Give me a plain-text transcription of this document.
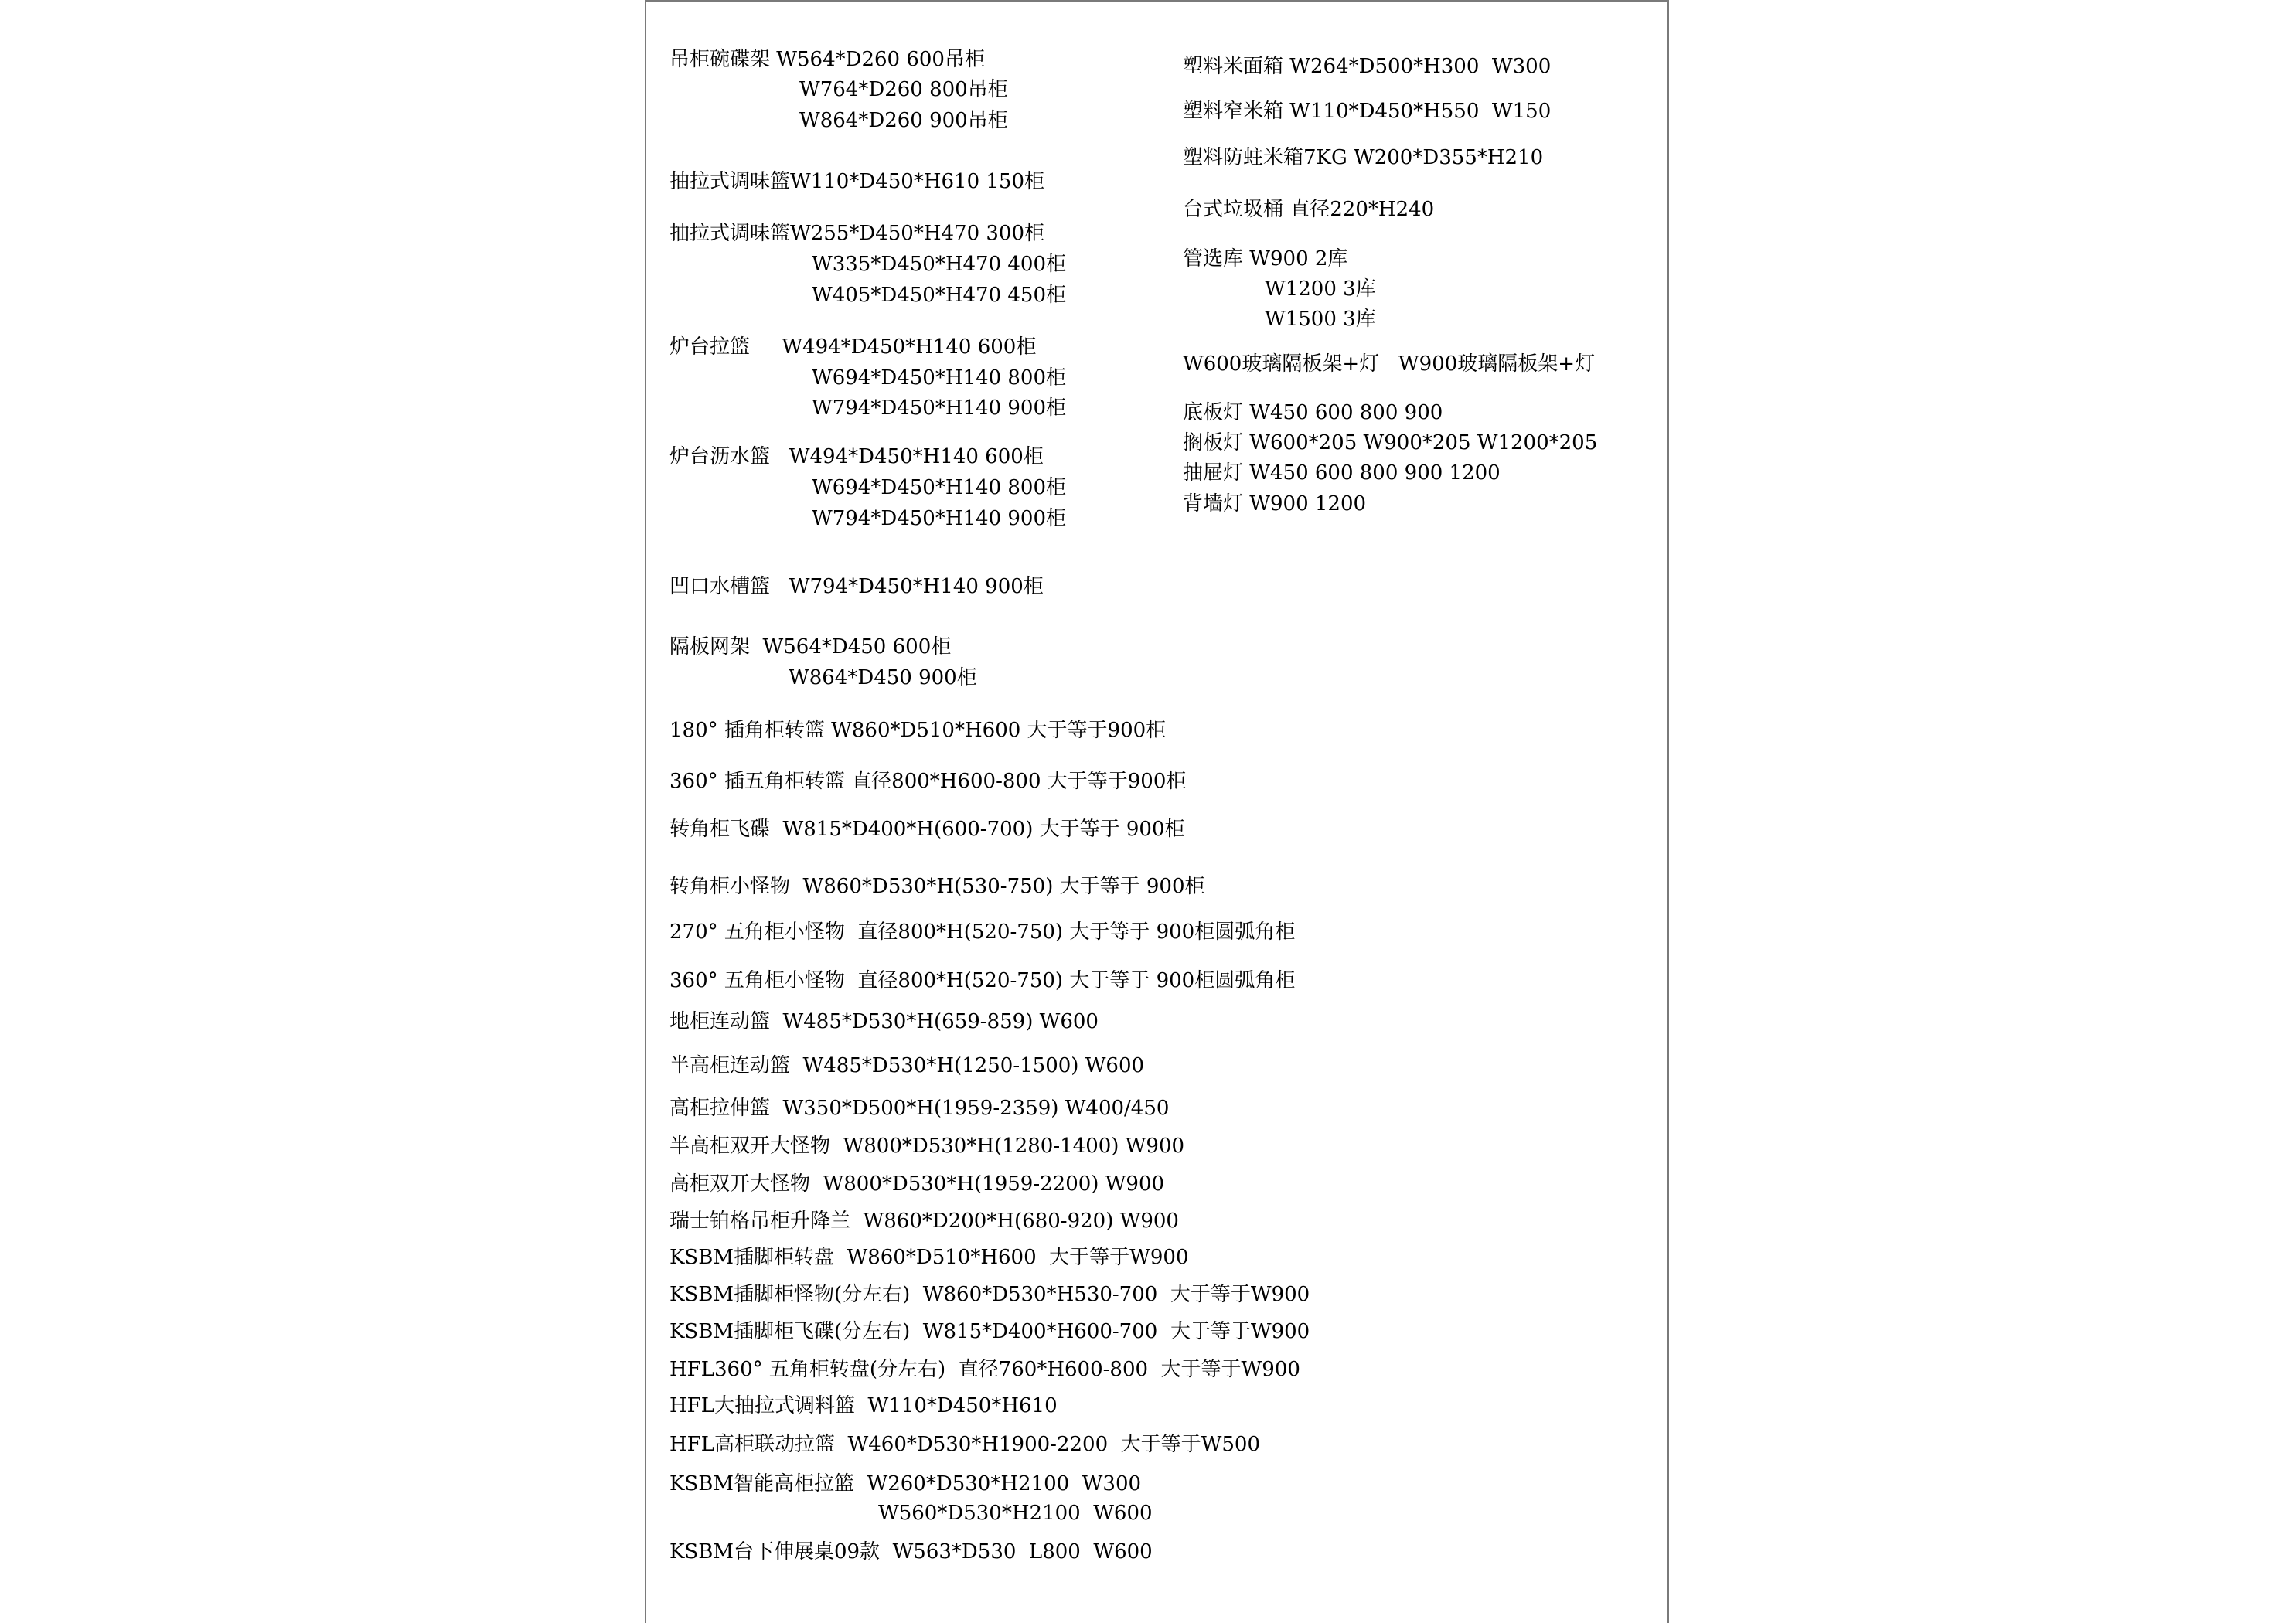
吊柜碗碟架 W564*D260 600吊柜
W764*D260 800吊柜
W864*D260 900吊柜
抽拉式调味篮W110*D450*H610 150柜
抽拉式调味篮W255*D450*H470 300柜
W335*D450*H470 400柜
W405*D450*H470 450柜
炉台拉篮     W494*D450*H140 600柜
W694*D450*H140 800柜
W794*D450*H140 900柜
炉台沥水篮   W494*D450*H140 600柜
W694*D450*H140 800柜
W794*D450*H140 900柜
凹口水槽篮   W794*D450*H140 900柜
隔板网架  W564*D450 600柜
W864*D450 900柜
180° 插角柜转篮 W860*D510*H600 大于等于900柜
360° 插五角柜转篮 直径800*H600-800 大于等于900柜
转角柜飞碟  W815*D400*H(600-700) 大于等于 900柜
转角柜小怪物  W860*D530*H(530-750) 大于等于 900柜
270° 五角柜小怪物  直径800*H(520-750) 大于等于 900柜圆弧角柜
360° 五角柜小怪物  直径800*H(520-750) 大于等于 900柜圆弧角柜
地柜连动篮  W485*D530*H(659-859) W600
半高柜连动篮  W485*D530*H(1250-1500) W600
高柜拉伸篮  W350*D500*H(1959-2359) W400/450
半高柜双开大怪物  W800*D530*H(1280-1400) W900
高柜双开大怪物  W800*D530*H(1959-2200) W900
瑞士铂格吊柜升降兰  W860*D200*H(680-920) W900
KSBM插脚柜转盘  W860*D510*H600  大于等于W900
KSBM插脚柜怪物(分左右)  W860*D530*H530-700  大于等于W900
KSBM插脚柜飞碟(分左右)  W815*D400*H600-700  大于等于W900
HFL360° 五角柜转盘(分左右)  直径760*H600-800  大于等于W900
HFL大抽拉式调料篮  W110*D450*H610
HFL高柜联动拉篮  W460*D530*H1900-2200  大于等于W500
KSBM智能高柜拉篮  W260*D530*H2100  W300
W560*D530*H2100  W600
KSBM台下伸展桌09款  W563*D530  L800  W600
塑料米面箱 W264*D500*H300  W300
塑料窄米箱 W110*D450*H550  W150
塑料防蛀米箱7KG W200*D355*H210
台式垃圾桶 直径220*H240
管选库 W900 2库
W1200 3库
W1500 3库
W600玻璃隔板架+灯   W900玻璃隔板架+灯
底板灯 W450 600 800 900
搁板灯 W600*205 W900*205 W1200*205
抽屉灯 W450 600 800 900 1200
背墙灯 W900 1200
